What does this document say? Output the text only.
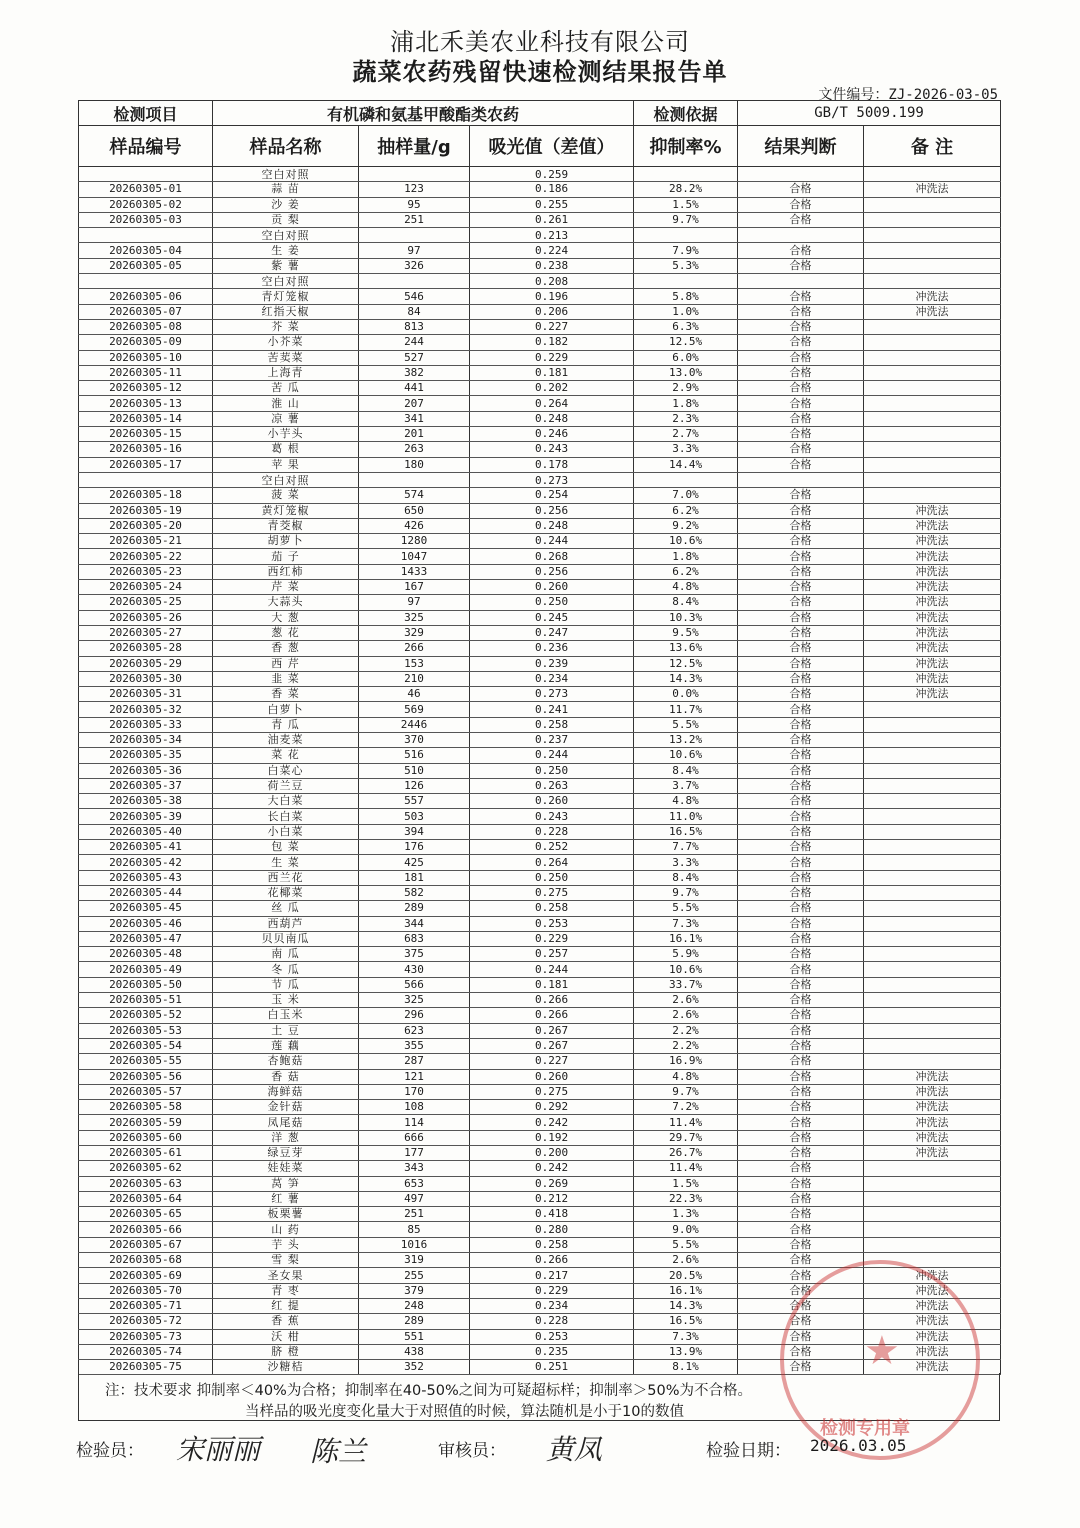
浦北禾美农业科技有限公司
蔬菜农药残留快速检测结果报告单
文件编号：ZJ-2026-03-05
检测项目	有机磷和氨基甲酸酯类农药			检测依据	GB/T 5009.199	
样品编号	样品名称	抽样量/g	吸光值（差值）	抑制率%	结果判断	备 注
	空白对照		0.259			
20260305-01	蒜 苗	123	0.186	28.2%	合格	冲洗法
20260305-02	沙 姜	95	0.255	1.5%	合格	
20260305-03	贡 梨	251	0.261	9.7%	合格	
	空白对照		0.213			
20260305-04	生 姜	97	0.224	7.9%	合格	
20260305-05	紫 薯	326	0.238	5.3%	合格	
	空白对照		0.208			
20260305-06	青灯笼椒	546	0.196	5.8%	合格	冲洗法
20260305-07	红指天椒	84	0.206	1.0%	合格	冲洗法
20260305-08	芥 菜	813	0.227	6.3%	合格	
20260305-09	小芥菜	244	0.182	12.5%	合格	
20260305-10	苦荬菜	527	0.229	6.0%	合格	
20260305-11	上海青	382	0.181	13.0%	合格	
20260305-12	苦 瓜	441	0.202	2.9%	合格	
20260305-13	淮 山	207	0.264	1.8%	合格	
20260305-14	凉 薯	341	0.248	2.3%	合格	
20260305-15	小芋头	201	0.246	2.7%	合格	
20260305-16	葛 根	263	0.243	3.3%	合格	
20260305-17	苹 果	180	0.178	14.4%	合格	
	空白对照		0.273			
20260305-18	菠 菜	574	0.254	7.0%	合格	
20260305-19	黄灯笼椒	650	0.256	6.2%	合格	冲洗法
20260305-20	青茭椒	426	0.248	9.2%	合格	冲洗法
20260305-21	胡萝卜	1280	0.244	10.6%	合格	冲洗法
20260305-22	茄 子	1047	0.268	1.8%	合格	冲洗法
20260305-23	西红柿	1433	0.256	6.2%	合格	冲洗法
20260305-24	芹 菜	167	0.260	4.8%	合格	冲洗法
20260305-25	大蒜头	97	0.250	8.4%	合格	冲洗法
20260305-26	大 葱	325	0.245	10.3%	合格	冲洗法
20260305-27	葱 花	329	0.247	9.5%	合格	冲洗法
20260305-28	香 葱	266	0.236	13.6%	合格	冲洗法
20260305-29	西 芹	153	0.239	12.5%	合格	冲洗法
20260305-30	韭 菜	210	0.234	14.3%	合格	冲洗法
20260305-31	香 菜	46	0.273	0.0%	合格	冲洗法
20260305-32	白萝卜	569	0.241	11.7%	合格	
20260305-33	青 瓜	2446	0.258	5.5%	合格	
20260305-34	油麦菜	370	0.237	13.2%	合格	
20260305-35	菜 花	516	0.244	10.6%	合格	
20260305-36	白菜心	510	0.250	8.4%	合格	
20260305-37	荷兰豆	126	0.263	3.7%	合格	
20260305-38	大白菜	557	0.260	4.8%	合格	
20260305-39	长白菜	503	0.243	11.0%	合格	
20260305-40	小白菜	394	0.228	16.5%	合格	
20260305-41	包 菜	176	0.252	7.7%	合格	
20260305-42	生 菜	425	0.264	3.3%	合格	
20260305-43	西兰花	181	0.250	8.4%	合格	
20260305-44	花椰菜	582	0.275	9.7%	合格	
20260305-45	丝 瓜	289	0.258	5.5%	合格	
20260305-46	西葫芦	344	0.253	7.3%	合格	
20260305-47	贝贝南瓜	683	0.229	16.1%	合格	
20260305-48	南 瓜	375	0.257	5.9%	合格	
20260305-49	冬 瓜	430	0.244	10.6%	合格	
20260305-50	节 瓜	566	0.181	33.7%	合格	
20260305-51	玉 米	325	0.266	2.6%	合格	
20260305-52	白玉米	296	0.266	2.6%	合格	
20260305-53	土 豆	623	0.267	2.2%	合格	
20260305-54	莲 藕	355	0.267	2.2%	合格	
20260305-55	杏鲍菇	287	0.227	16.9%	合格	
20260305-56	香 菇	121	0.260	4.8%	合格	冲洗法
20260305-57	海鲜菇	170	0.275	9.7%	合格	冲洗法
20260305-58	金针菇	108	0.292	7.2%	合格	冲洗法
20260305-59	凤尾菇	114	0.242	11.4%	合格	冲洗法
20260305-60	洋 葱	666	0.192	29.7%	合格	冲洗法
20260305-61	绿豆芽	177	0.200	26.7%	合格	冲洗法
20260305-62	娃娃菜	343	0.242	11.4%	合格	
20260305-63	莴 笋	653	0.269	1.5%	合格	
20260305-64	红 薯	497	0.212	22.3%	合格	
20260305-65	板栗薯	251	0.418	1.3%	合格	
20260305-66	山 药	85	0.280	9.0%	合格	
20260305-67	芋 头	1016	0.258	5.5%	合格	
20260305-68	雪 梨	319	0.266	2.6%	合格	
20260305-69	圣女果	255	0.217	20.5%	合格	冲洗法
20260305-70	青 枣	379	0.229	16.1%	合格	冲洗法
20260305-71	红 提	248	0.234	14.3%	合格	冲洗法
20260305-72	香 蕉	289	0.228	16.5%	合格	冲洗法
20260305-73	沃 柑	551	0.253	7.3%	合格	冲洗法
20260305-74	脐 橙	438	0.235	13.9%	合格	冲洗法
20260305-75	沙糖桔	352	0.251	8.1%	合格	冲洗法
注：技术要求 抑制率＜40%为合格；抑制率在40-50%之间为可疑超标样；抑制率＞50%为不合格。
当样品的吸光度变化量大于对照值的时候，算法随机是小于10的数值
★
检测专用章
检验员： 宋丽丽 陈兰	审核员： 黄凤	检验日期： 2026.03.05
